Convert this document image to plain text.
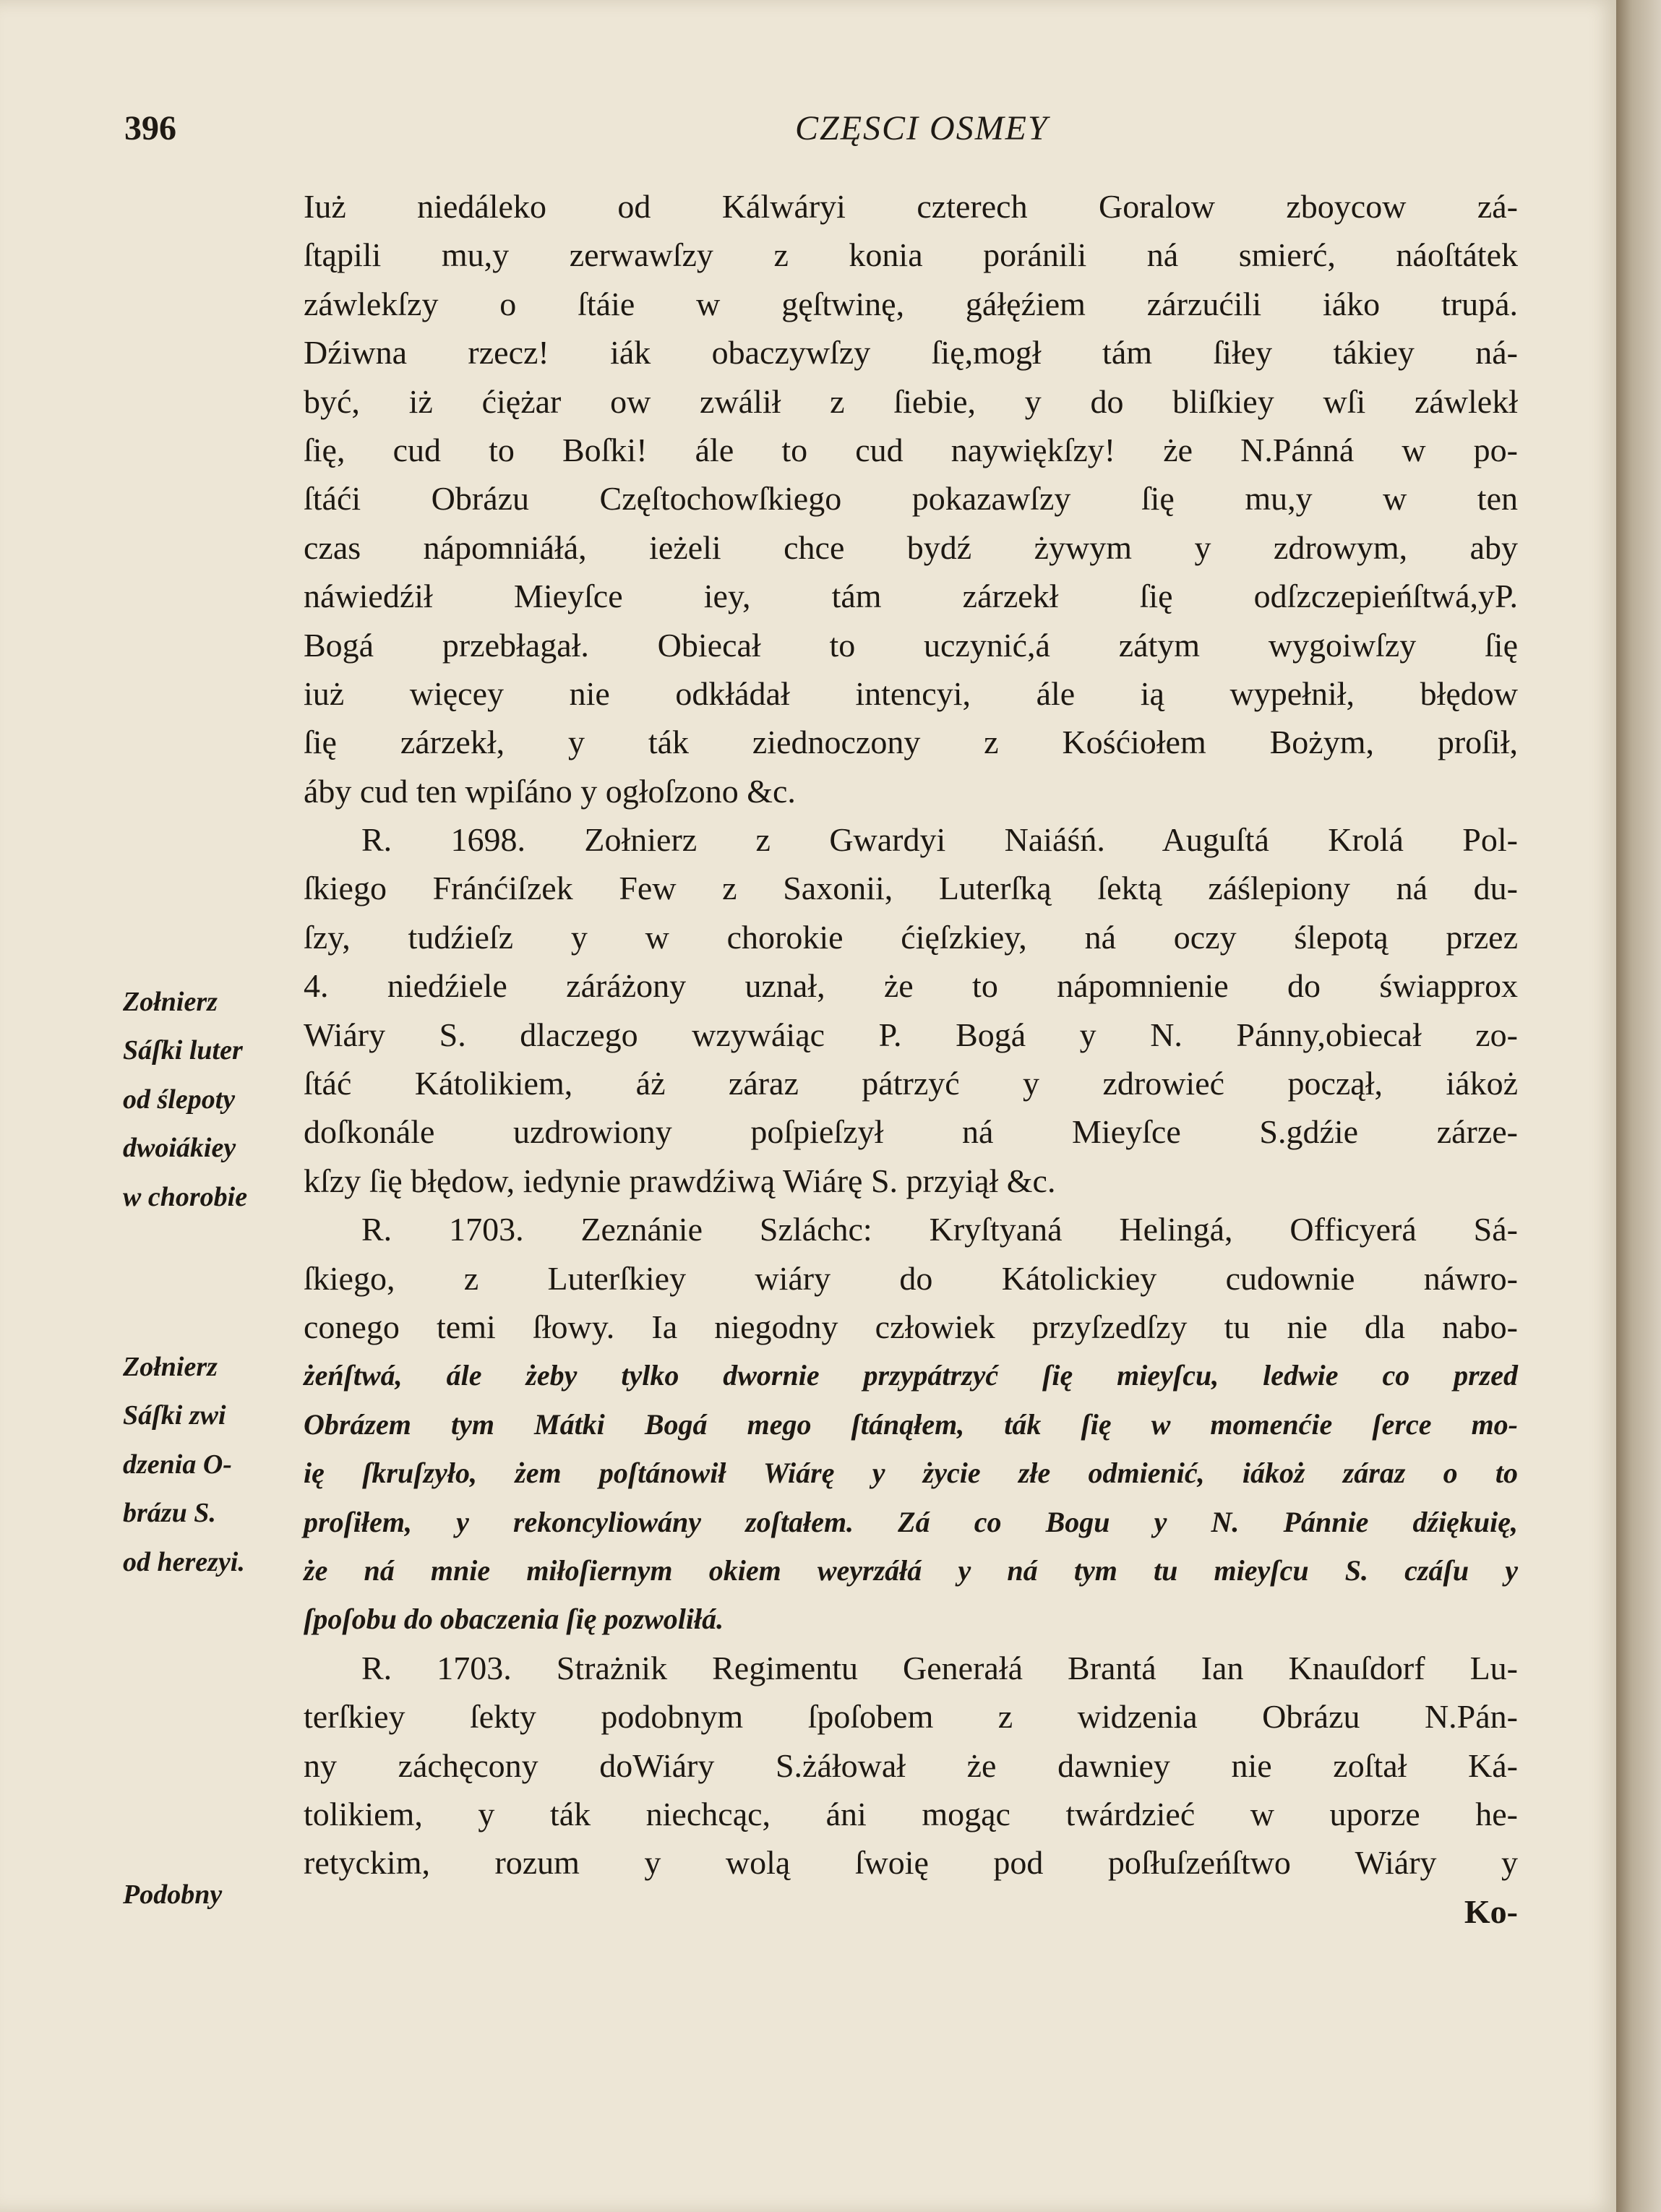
396	CZĘSCI OSMEY
Zołnierz
Sáſki luter
od ślepoty
dwoiákiey
w chorobie
Zołnierz
Sáſki zwi
dzenia O-
brázu S.
od herezyi.
Podobny
Iuż niedáleko od Kálwáryi czterech Goralow zboycow zá-
ſtąpili mu,y zerwawſzy z konia poránili ná smierć, náoſtátek
záwlekſzy o ſtáie w gęſtwinę, gáłęźiem zárzućili iáko trupá.
Dźiwna rzecz! iák obaczywſzy ſię,mogł tám ſiłey tákiey ná-
być, iż ćiężar ow zwálił z ſiebie, y do bliſkiey wſi záwlekł
ſię, cud to Boſki! ále to cud naywiękſzy! że N.Pánná w po-
ſtáći Obrázu Częſtochowſkiego pokazawſzy ſię mu,y w ten
czas nápomniáłá, ieżeli chce bydź żywym y zdrowym, aby
náwiedźił Mieyſce iey, tám zárzekł ſię odſzczepieńſtwá,yP.
Bogá przebłagał. Obiecał to uczynić,á zátym wygoiwſzy ſię
iuż więcey nie odkłádał intencyi, ále ią wypełnił, błędow
ſię zárzekł, y ták ziednoczony z Kośćiołem Bożym, proſił,
áby cud ten wpiſáno y ogłoſzono &c.
R. 1698. Zołnierz z Gwardyi Naiáśń. Auguſtá Krolá Pol-
ſkiego Fránćiſzek Few z Saxonii, Luterſką ſektą záślepiony ná du-
ſzy, tudźieſz y w chorokie ćięſzkiey, ná oczy ślepotą przez
4. niedźiele záráżony uznał, że to nápomnienie do świapprox
Wiáry S. dlaczego wzywáiąc P. Bogá y N. Pánny,obiecał zo-
ſtáć Kátolikiem, áż záraz pátrzyć y zdrowieć począł, iákoż
doſkonále uzdrowiony poſpieſzył ná Mieyſce S.gdźie zárze-
kſzy ſię błędow, iedynie prawdźiwą Wiárę S. przyiął &c.
R. 1703. Zeznánie Szláchc: Kryſtyaná Helingá, Officyerá Sá-
ſkiego, z Luterſkiey wiáry do Kátolickiey cudownie náwro-
conego temi ſłowy. Ia niegodny człowiek przyſzedſzy tu nie dla nabo-
żeńſtwá, ále żeby tylko dwornie przypátrzyć ſię mieyſcu, ledwie co przed
Obrázem tym Mátki Bogá mego ſtánąłem, ták ſię w momenćie ſerce mo-
ię ſkruſzyło, żem poſtánowił Wiárę y życie złe odmienić, iákoż záraz o to
proſiłem, y rekoncyliowány zoſtałem. Zá co Bogu y N. Pánnie dźiękuię,
że ná mnie miłoſiernym okiem weyrzáłá y ná tym tu mieyſcu S. czáſu y
ſpoſobu do obaczenia ſię pozwoliłá.
R. 1703. Strażnik Regimentu Generałá Brantá Ian Knauſdorf Lu-
terſkiey ſekty podobnym ſpoſobem z widzenia Obrázu N.Pán-
ny záchęcony doWiáry S.żáłował że dawniey nie zoſtał Ká-
tolikiem, y ták niechcąc, áni mogąc twárdzieć w uporze he-
retyckim, rozum y wolą ſwoię pod poſłuſzeńſtwo Wiáry y
Ko-
